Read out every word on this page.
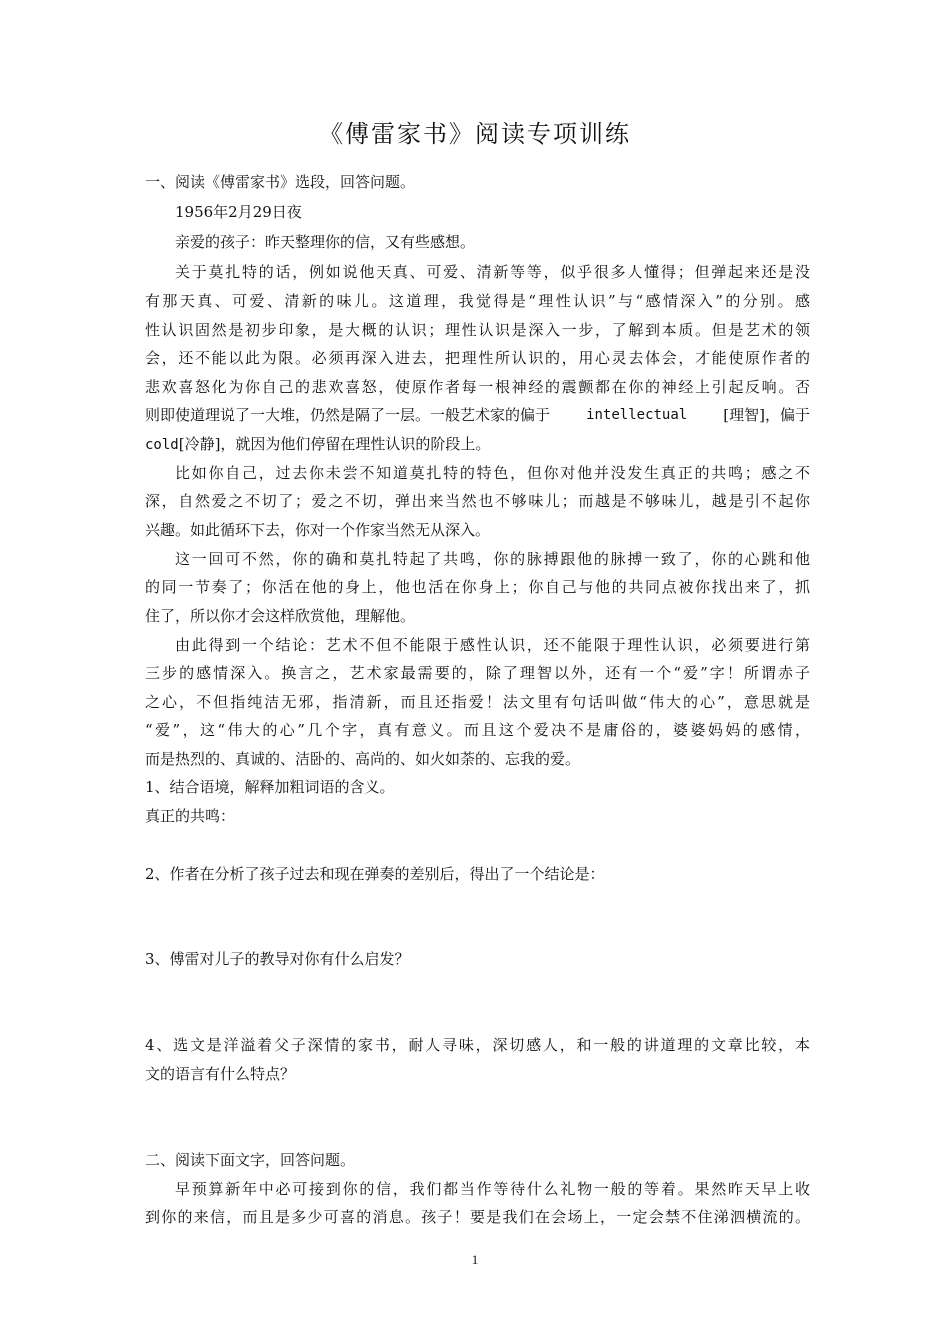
《傅雷家书》阅读专项训练

一、阅读《傅雷家书》选段，回答问题。

1956年2月29日夜

亲爱的孩子：昨天整理你的信，又有些感想。

关于莫扎特的话，例如说他天真、可爱、清新等等，似乎很多人懂得；但弹起来还是没

有那天真、可爱、清新的味儿。这道理，我觉得是“理性认识”与“感情深入”的分别。感

性认识固然是初步印象，是大概的认识；理性认识是深入一步，了解到本质。但是艺术的领

会，还不能以此为限。必须再深入进去，把理性所认识的，用心灵去体会，才能使原作者的

悲欢喜怒化为你自己的悲欢喜怒，使原作者每一根神经的震颤都在你的神经上引起反响。否

则即使道理说了一大堆，仍然是隔了一层。一般艺术家的偏于	intellectual [理智]，偏于

cold[冷静]，就因为他们停留在理性认识的阶段上。

比如你自己，过去你未尝不知道莫扎特的特色，但你对他并没发生真正的共鸣；感之不

深，自然爱之不切了；爱之不切，弹出来当然也不够味儿；而越是不够味儿，越是引不起你

兴趣。如此循环下去，你对一个作家当然无从深入。

这一回可不然，你的确和莫扎特起了共鸣，你的脉搏跟他的脉搏一致了，你的心跳和他

的同一节奏了；你活在他的身上，他也活在你身上；你自己与他的共同点被你找出来了，抓

住了，所以你才会这样欣赏他，理解他。

由此得到一个结论：艺术不但不能限于感性认识，还不能限于理性认识，必须要进行第

三步的感情深入。换言之，艺术家最需要的，除了理智以外，还有一个“爱”字！所谓赤子

之心，不但指纯洁无邪，指清新，而且还指爱！法文里有句话叫做“伟大的心”，意思就是

“爱”，这“伟大的心”几个字，真有意义。而且这个爱决不是庸俗的，婆婆妈妈的感情，

而是热烈的、真诚的、洁卧的、高尚的、如火如荼的、忘我的爱。

1、结合语境，解释加粗词语的含义。

真正的共鸣：

2、作者在分析了孩子过去和现在弹奏的差别后，得出了一个结论是：

3、傅雷对儿子的教导对你有什么启发？

4、选文是洋溢着父子深情的家书，耐人寻味，深切感人，和一般的讲道理的文章比较，本

文的语言有什么特点？

二、阅读下面文字，回答问题。

早预算新年中必可接到你的信，我们都当作等待什么礼物一般的等着。果然昨天早上收

到你的来信，而且是多少可喜的消息。孩子！要是我们在会场上，一定会禁不住涕泗横流的。

1
